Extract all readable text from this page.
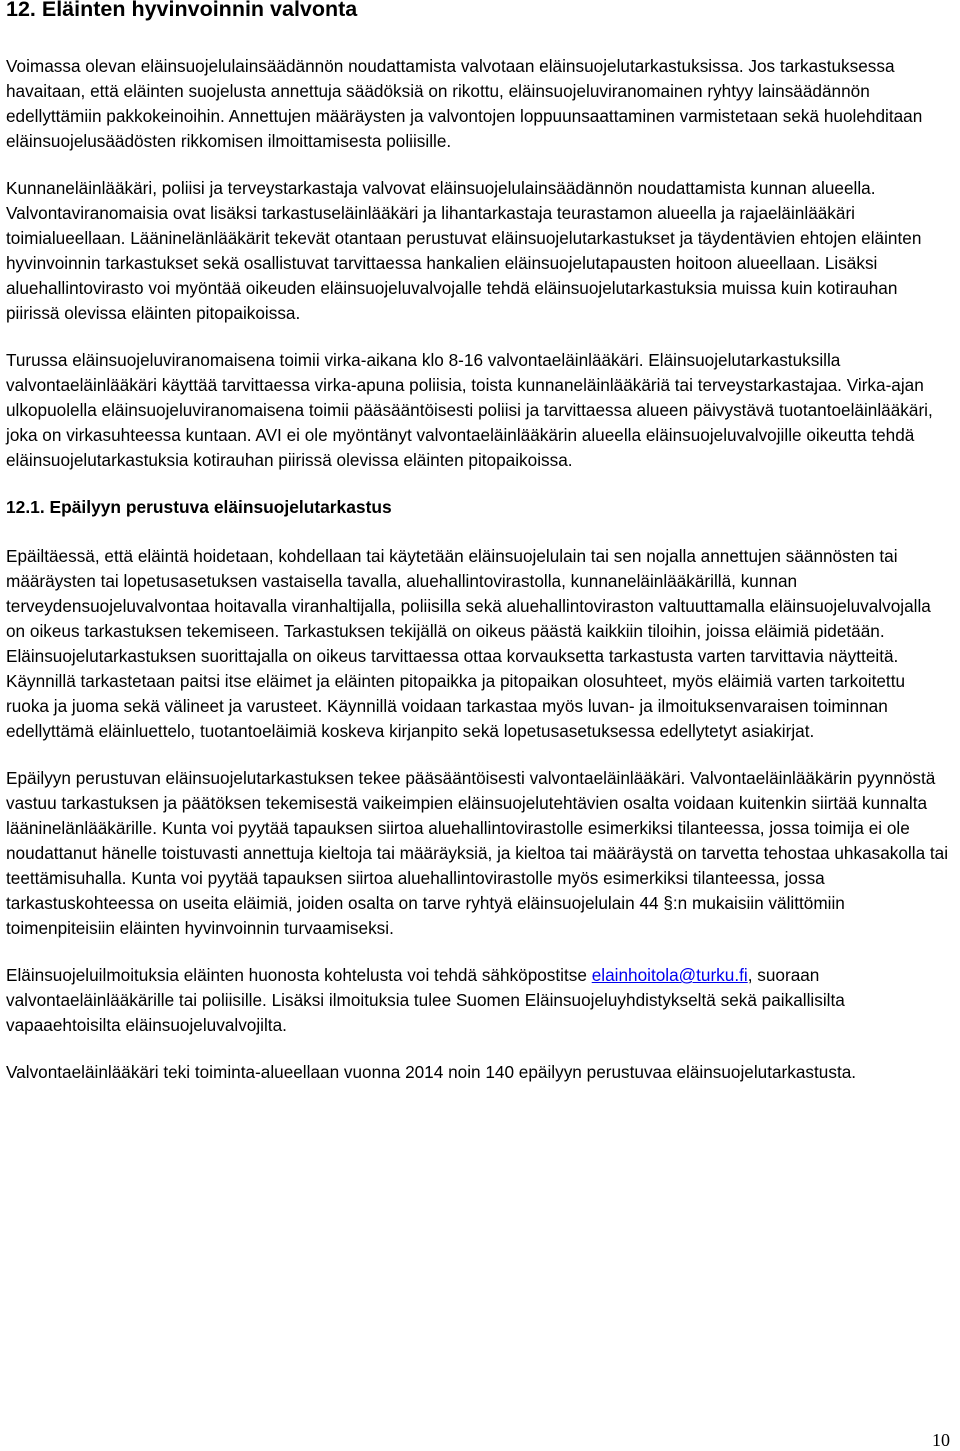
12. Eläinten hyvinvoinnin valvonta

Voimassa olevan eläinsuojelulainsäädännön noudattamista valvotaan eläinsuojelutarkastuksissa. Jos tarkastuksessa havaitaan, että eläinten suojelusta annettuja säädöksiä on rikottu, eläinsuojeluviranomainen ryhtyy lainsäädännön edellyttämiin pakkokeinoihin. Annettujen määräysten ja valvontojen loppuunsaattaminen varmistetaan sekä huolehditaan eläinsuojelusäädösten rikkomisen ilmoittamisesta poliisille.

Kunnaneläinlääkäri, poliisi ja terveystarkastaja valvovat eläinsuojelulainsäädännön noudattamista kunnan alueella. Valvontaviranomaisia ovat lisäksi tarkastuseläinlääkäri ja lihantarkastaja teurastamon alueella ja rajaeläinlääkäri toimialueellaan. Lääninelänlääkärit tekevät otantaan perustuvat eläinsuojelutarkastukset ja täydentävien ehtojen eläinten hyvinvoinnin tarkastukset sekä osallistuvat tarvittaessa hankalien eläinsuojelutapausten hoitoon alueellaan. Lisäksi aluehallintovirasto voi myöntää oikeuden eläinsuojeluvalvojalle tehdä eläinsuojelutarkastuksia muissa kuin kotirauhan piirissä olevissa eläinten pitopaikoissa.

Turussa eläinsuojeluviranomaisena toimii virka-aikana klo 8-16 valvontaeläinlääkäri. Eläinsuojelutarkastuksilla valvontaeläinlääkäri käyttää tarvittaessa virka-apuna poliisia, toista kunnaneläinlääkäriä tai terveystarkastajaa. Virka-ajan ulkopuolella eläinsuojeluviranomaisena toimii pääsääntöisesti poliisi ja tarvittaessa alueen päivystävä tuotantoeläinlääkäri, joka on virkasuhteessa kuntaan. AVI ei ole myöntänyt valvontaeläinlääkärin alueella eläinsuojeluvalvojille oikeutta tehdä eläinsuojelutarkastuksia kotirauhan piirissä olevissa eläinten pitopaikoissa.

12.1. Epäilyyn perustuva eläinsuojelutarkastus

Epäiltäessä, että eläintä hoidetaan, kohdellaan tai käytetään eläinsuojelulain tai sen nojalla annettujen säännösten tai määräysten tai lopetusasetuksen vastaisella tavalla, aluehallintovirastolla, kunnaneläinlääkärillä, kunnan terveydensuojeluvalvontaa hoitavalla viranhaltijalla, poliisilla sekä aluehallintoviraston valtuuttamalla eläinsuojeluvalvojalla on oikeus tarkastuksen tekemiseen. Tarkastuksen tekijällä on oikeus päästä kaikkiin tiloihin, joissa eläimiä pidetään. Eläinsuojelutarkastuksen suorittajalla on oikeus tarvittaessa ottaa korvauksetta tarkastusta varten tarvittavia näytteitä. Käynnillä tarkastetaan paitsi itse eläimet ja eläinten pitopaikka ja pitopaikan olosuhteet, myös eläimiä varten tarkoitettu ruoka ja juoma sekä välineet ja varusteet. Käynnillä voidaan tarkastaa myös luvan- ja ilmoituksenvaraisen toiminnan edellyttämä eläinluettelo, tuotantoeläimiä koskeva kirjanpito sekä lopetusasetuksessa edellytetyt asiakirjat.

Epäilyyn perustuvan eläinsuojelutarkastuksen tekee pääsääntöisesti valvontaeläinlääkäri. Valvontaeläinlääkärin pyynnöstä vastuu tarkastuksen ja päätöksen tekemisestä vaikeimpien eläinsuojelutehtävien osalta voidaan kuitenkin siirtää kunnalta lääninelänlääkärille. Kunta voi pyytää tapauksen siirtoa aluehallintovirastolle esimerkiksi tilanteessa, jossa toimija ei ole noudattanut hänelle toistuvasti annettuja kieltoja tai määräyksiä, ja kieltoa tai määräystä on tarvetta tehostaa uhkasakolla tai teettämisuhalla. Kunta voi pyytää tapauksen siirtoa aluehallintovirastolle myös esimerkiksi tilanteessa, jossa tarkastuskohteessa on useita eläimiä, joiden osalta on tarve ryhtyä eläinsuojelulain 44 §:n mukaisiin välittömiin toimenpiteisiin eläinten hyvinvoinnin turvaamiseksi.

Eläinsuojeluilmoituksia eläinten huonosta kohtelusta voi tehdä sähköpostitse elainhoitola@turku.fi, suoraan valvontaeläinlääkärille tai poliisille. Lisäksi ilmoituksia tulee Suomen Eläinsuojeluyhdistykseltä sekä paikallisilta vapaaehtoisilta eläinsuojeluvalvojilta.

Valvontaeläinlääkäri teki toiminta-alueellaan vuonna 2014 noin 140 epäilyyn perustuvaa eläinsuojelutarkastusta.

10
